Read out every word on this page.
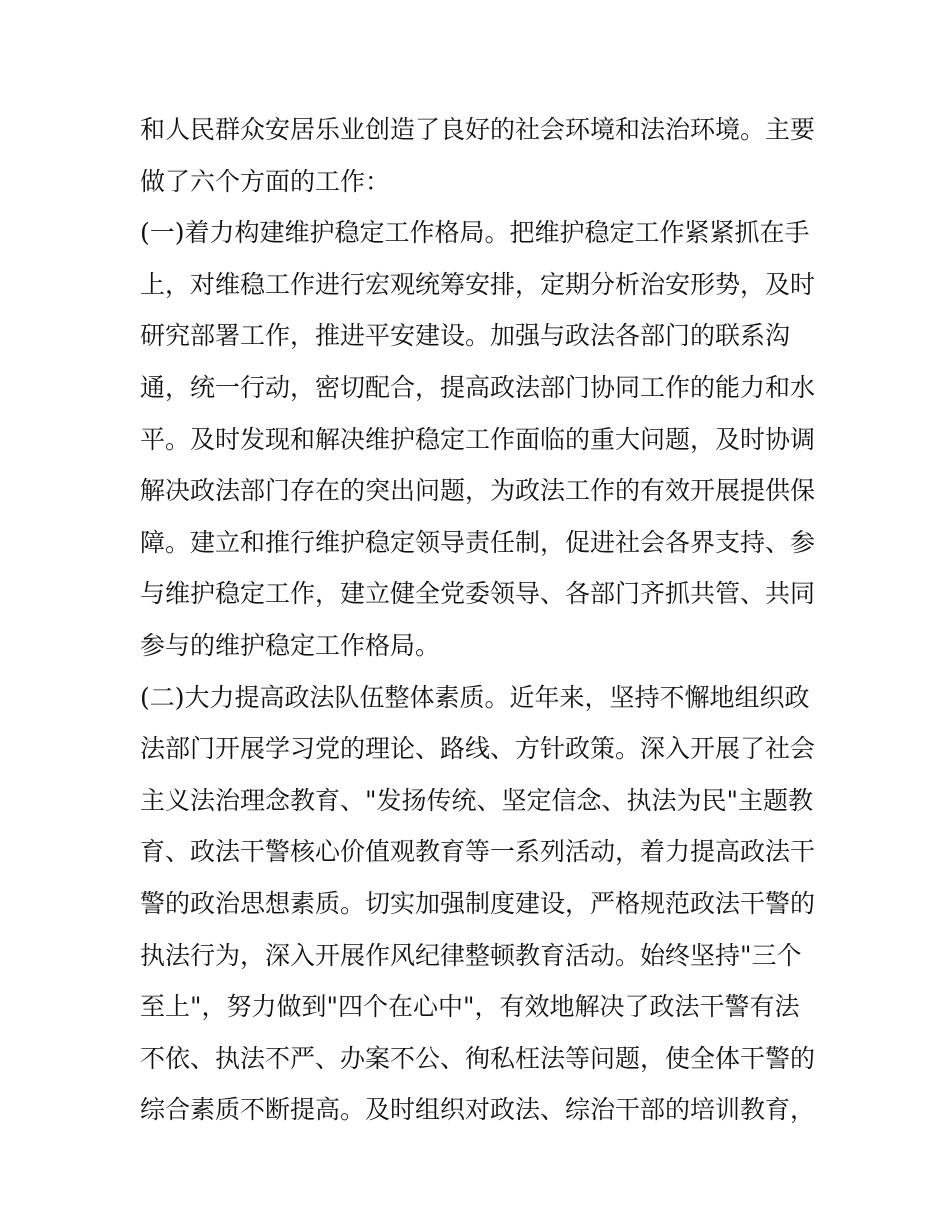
和人民群众安居乐业创造了良好的社会环境和法治环境。主要
做了六个方面的工作：
(一)着力构建维护稳定工作格局。把维护稳定工作紧紧抓在手
上，对维稳工作进行宏观统筹安排，定期分析治安形势，及时
研究部署工作，推进平安建设。加强与政法各部门的联系沟
通，统一行动，密切配合，提高政法部门协同工作的能力和水
平。及时发现和解决维护稳定工作面临的重大问题，及时协调
解决政法部门存在的突出问题，为政法工作的有效开展提供保
障。建立和推行维护稳定领导责任制，促进社会各界支持、参
与维护稳定工作，建立健全党委领导、各部门齐抓共管、共同
参与的维护稳定工作格局。
(二)大力提高政法队伍整体素质。近年来，坚持不懈地组织政
法部门开展学习党的理论、路线、方针政策。深入开展了社会
主义法治理念教育、"发扬传统、坚定信念、执法为民"主题教
育、政法干警核心价值观教育等一系列活动，着力提高政法干
警的政治思想素质。切实加强制度建设，严格规范政法干警的
执法行为，深入开展作风纪律整顿教育活动。始终坚持"三个
至上"，努力做到"四个在心中"，有效地解决了政法干警有法
不依、执法不严、办案不公、徇私枉法等问题，使全体干警的
综合素质不断提高。及时组织对政法、综治干部的培训教育，
